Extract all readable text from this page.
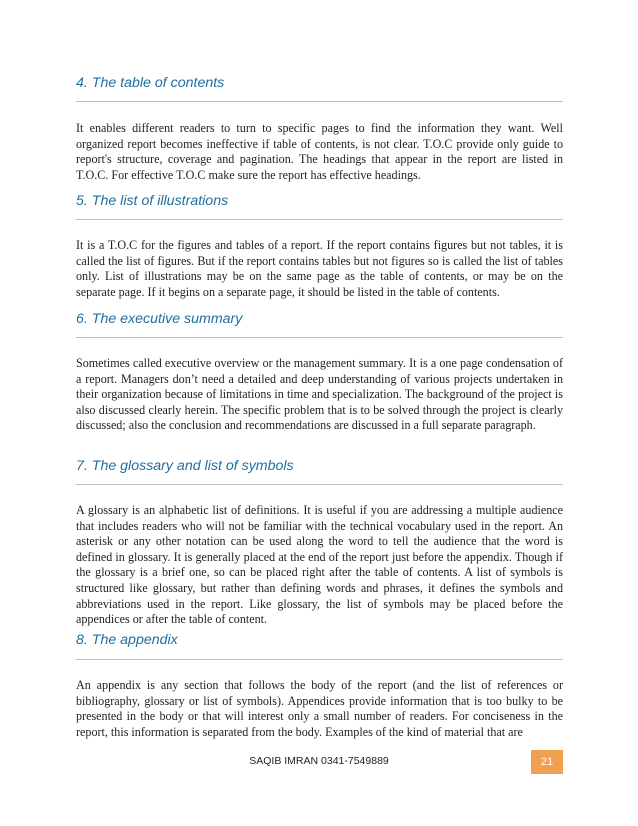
4. The table of contents

It enables different readers to turn to specific pages to find the information they want. Well organized report becomes ineffective if table of contents, is not clear. T.O.C provide only guide to report's structure, coverage and pagination. The headings that appear in the report are listed in T.O.C. For effective T.O.C make sure the report has effective headings.

5. The list of illustrations

It is a T.O.C for the figures and tables of a report. If the report contains figures but not tables, it is called the list of figures. But if the report contains tables but not figures so is called the list of tables only. List of illustrations may be on the same page as the table of contents, or may be on the separate page. If it begins on a separate page, it should be listed in the table of contents.

6. The executive summary

Sometimes called executive overview or the management summary. It is a one page condensation of a report. Managers don’t need a detailed and deep understanding of various projects undertaken in their organization because of limitations in time and specialization. The background of the project is also discussed clearly herein. The specific problem that is to be solved through the project is clearly discussed; also the conclusion and recommendations are discussed in a full separate paragraph.

7. The glossary and list of symbols

A glossary is an alphabetic list of definitions. It is useful if you are addressing a multiple audience that includes readers who will not be familiar with the technical vocabulary used in the report. An asterisk or any other notation can be used along the word to tell the audience that the word is defined in glossary. It is generally placed at the end of the report just before the appendix. Though if the glossary is a brief one, so can be placed right after the table of contents. A list of symbols is structured like glossary, but rather than defining words and phrases, it defines the symbols and abbreviations used in the report. Like glossary, the list of symbols may be placed before the appendices or after the table of content.

8. The appendix

An appendix is any section that follows the body of the report (and the list of references or bibliography, glossary or list of symbols). Appendices provide information that is too bulky to be presented in the body or that will interest only a small number of readers. For conciseness in the report, this information is separated from the body. Examples of the kind of material that are

SAQIB IMRAN 0341-7549889	21
